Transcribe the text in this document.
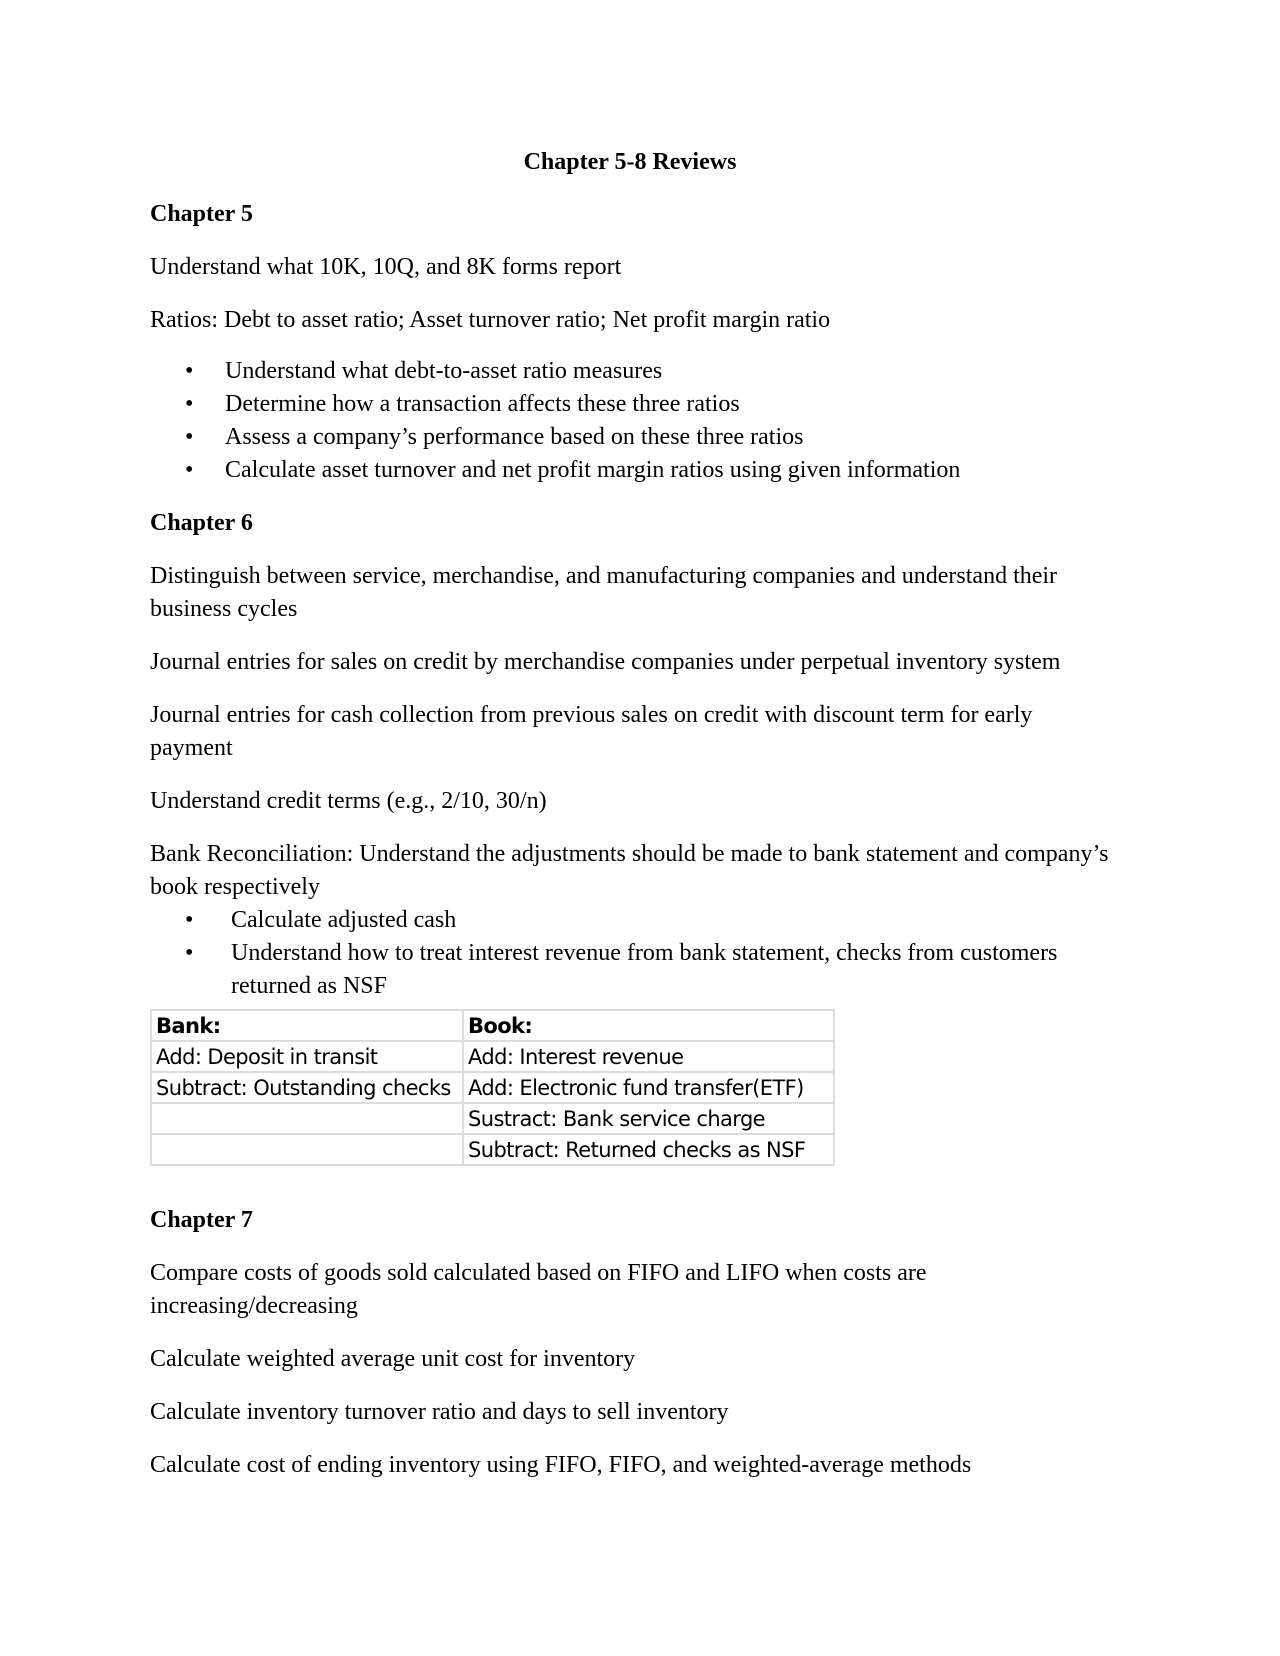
Chapter 5-8 Reviews
Chapter 5

Understand what 10K, 10Q, and 8K forms report

Ratios: Debt to asset ratio; Asset turnover ratio; Net profit margin ratio

• Understand what debt-to-asset ratio measures
• Determine how a transaction affects these three ratios
• Assess a company’s performance based on these three ratios
• Calculate asset turnover and net profit margin ratios using given information
Chapter 6

Distinguish between service, merchandise, and manufacturing companies and understand their business cycles

Journal entries for sales on credit by merchandise companies under perpetual inventory system

Journal entries for cash collection from previous sales on credit with discount term for early payment

Understand credit terms (e.g., 2/10, 30/n)

Bank Reconciliation: Understand the adjustments should be made to bank statement and company’s book respectively

• Calculate adjusted cash
• Understand how to treat interest revenue from bank statement, checks from customers returned as NSF
Bank:	Book:
Add: Deposit in transit	Add: Interest revenue
Subtract: Outstanding checks	Add: Electronic fund transfer(ETF)
	Sustract: Bank service charge
	Subtract: Returned checks as NSF
Chapter 7

Compare costs of goods sold calculated based on FIFO and LIFO when costs are increasing/decreasing

Calculate weighted average unit cost for inventory

Calculate inventory turnover ratio and days to sell inventory

Calculate cost of ending inventory using FIFO, FIFO, and weighted-average methods
